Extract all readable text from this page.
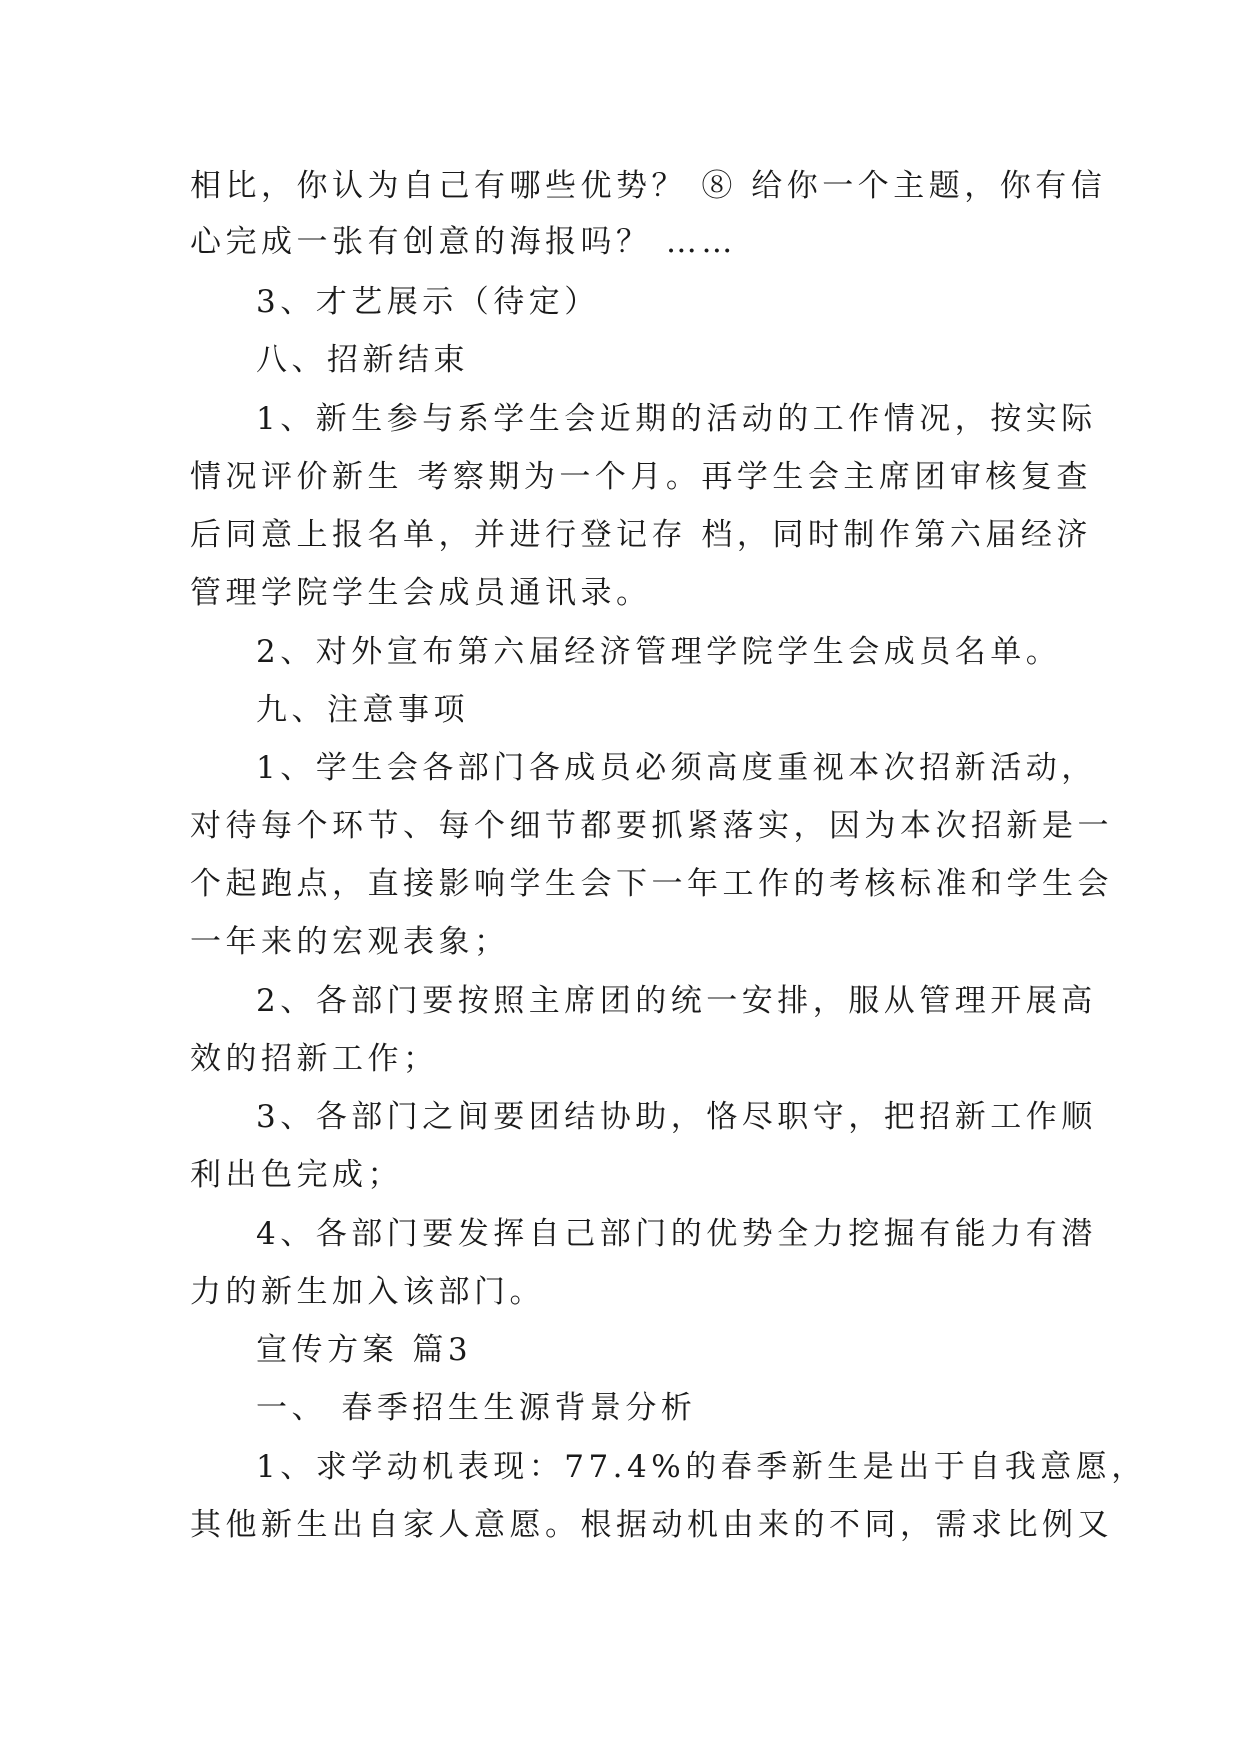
相比，你认为自己有哪些优势？ ⑧ 给你一个主题，你有信

心完成一张有创意的海报吗？ ……

3、才艺展示（待定）

八、招新结束

1、新生参与系学生会近期的活动的工作情况，按实际

情况评价新生 考察期为一个月。再学生会主席团审核复查

后同意上报名单，并进行登记存 档，同时制作第六届经济

管理学院学生会成员通讯录。

2、对外宣布第六届经济管理学院学生会成员名单。

九、注意事项

1、学生会各部门各成员必须高度重视本次招新活动，

对待每个环节、每个细节都要抓紧落实，因为本次招新是一

个起跑点，直接影响学生会下一年工作的考核标准和学生会

一年来的宏观表象；

2、各部门要按照主席团的统一安排，服从管理开展高

效的招新工作；

3、各部门之间要团结协助，恪尽职守，把招新工作顺

利出色完成；

4、各部门要发挥自己部门的优势全力挖掘有能力有潜

力的新生加入该部门。

宣传方案 篇3

一、 春季招生生源背景分析

1、求学动机表现：77.4%的春季新生是出于自我意愿，

其他新生出自家人意愿。根据动机由来的不同，需求比例又
